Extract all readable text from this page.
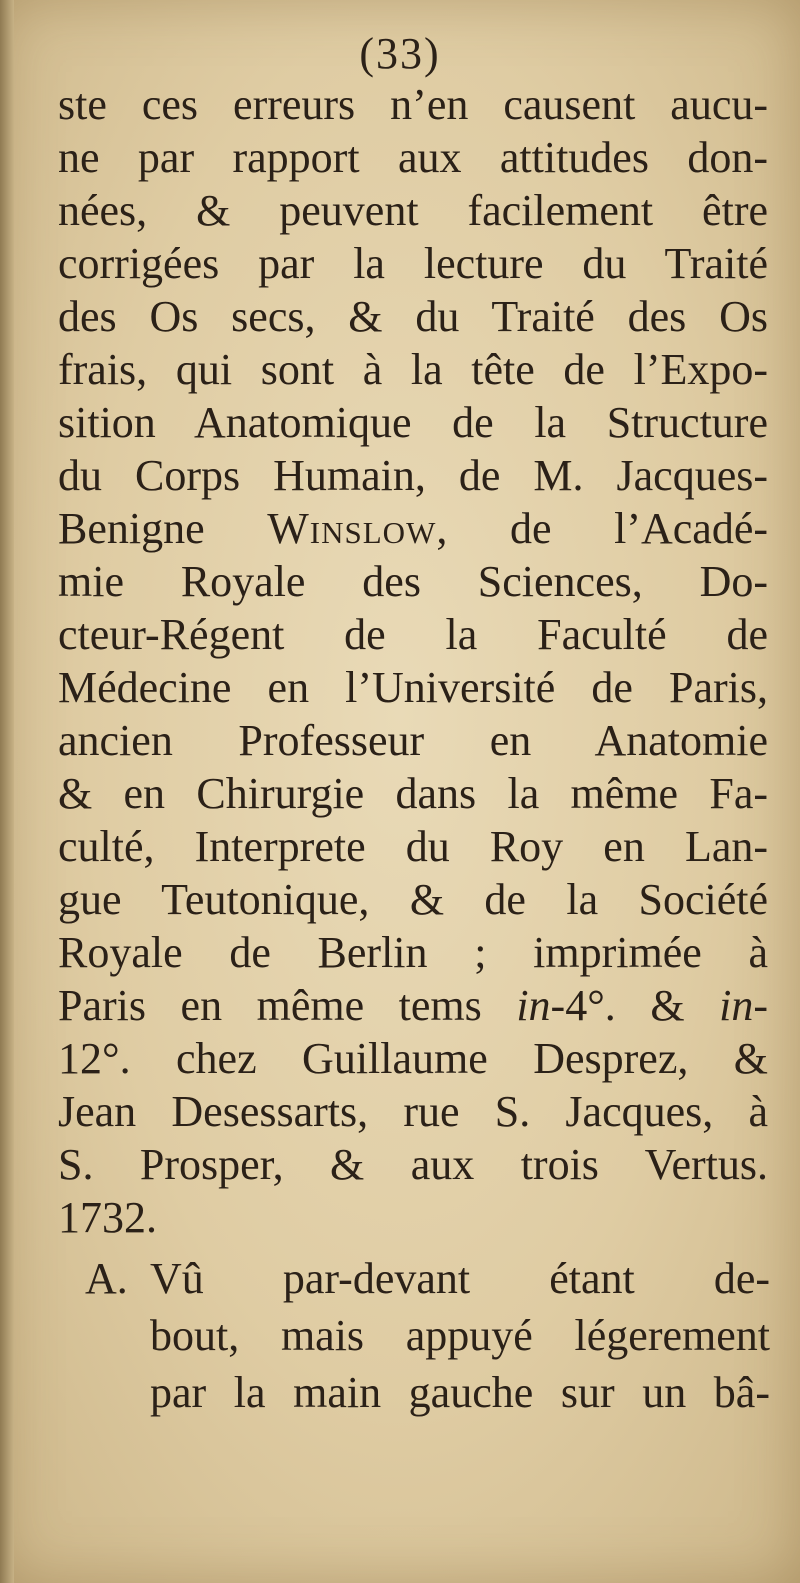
(33)
ste ces erreurs n’en causent aucu-
ne par rapport aux attitudes don-
nées, & peuvent facilement être
corrigées par la lecture du Traité
des Os secs, & du Traité des Os
frais, qui sont à la tête de l’Expo-
sition Anatomique de la Structure
du Corps Humain, de M. Jacques-
Benigne Winslow, de l’Acadé-
mie Royale des Sciences, Do-
cteur-Régent de la Faculté de
Médecine en l’Université de Paris,
ancien Professeur en Anatomie
& en Chirurgie dans la même Fa-
culté, Interprete du Roy en Lan-
gue Teutonique, & de la Société
Royale de Berlin ; imprimée à
Paris en même tems in-4°. & in-
12°. chez Guillaume Desprez, &
Jean Desessarts, rue S. Jacques, à
S. Prosper, & aux trois Vertus.
1732.
A. Vû par-devant étant de-
bout, mais appuyé légerement
par la main gauche sur un bâ-
